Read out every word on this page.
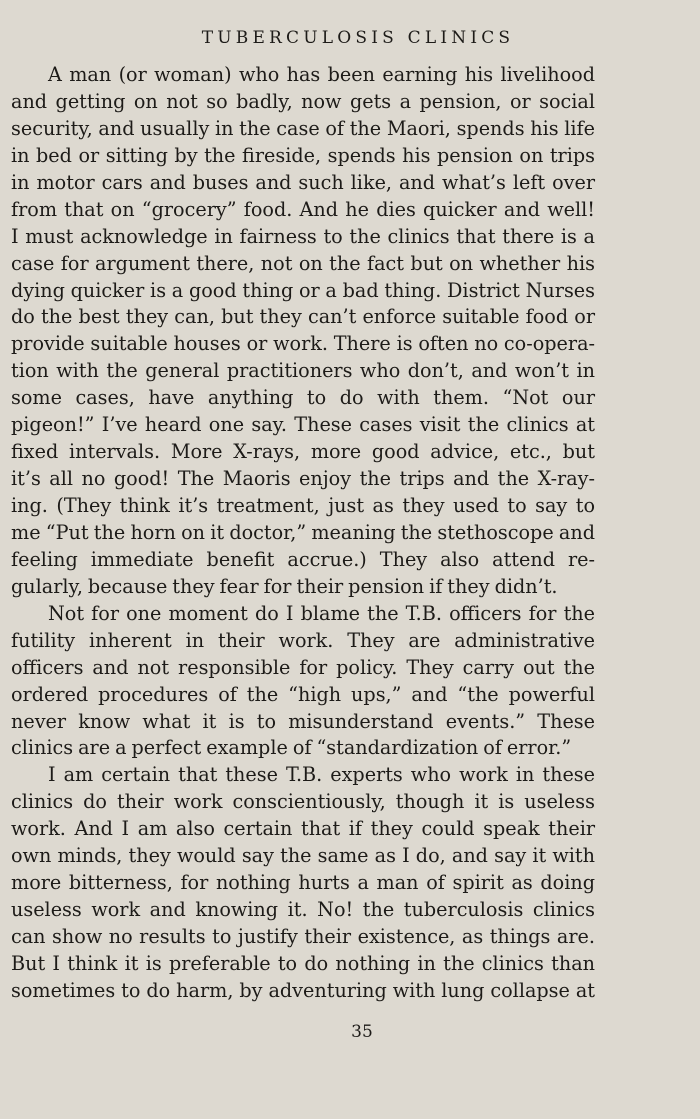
TUBERCULOSIS CLINICS
A man (or woman) who has been earning his livelihood
and getting on not so badly, now gets a pension, or social
security, and usually in the case of the Maori, spends his life
in bed or sitting by the fireside, spends his pension on trips
in motor cars and buses and such like, and what’s left over
from that on “grocery” food. And he dies quicker and well!
I must acknowledge in fairness to the clinics that there is a
case for argument there, not on the fact but on whether his
dying quicker is a good thing or a bad thing. District Nurses
do the best they can, but they can’t enforce suitable food or
provide suitable houses or work. There is often no co-opera-
tion with the general practitioners who don’t, and won’t in
some cases, have anything to do with them. “Not our
pigeon!” I’ve heard one say. These cases visit the clinics at
fixed intervals. More X-rays, more good advice, etc., but
it’s all no good! The Maoris enjoy the trips and the X-ray-
ing. (They think it’s treatment, just as they used to say to
me “Put the horn on it doctor,” meaning the stethoscope and
feeling immediate benefit accrue.) They also attend re-
gularly, because they fear for their pension if they didn’t.
Not for one moment do I blame the T.B. officers for the
futility inherent in their work. They are administrative
officers and not responsible for policy. They carry out the
ordered procedures of the “high ups,” and “the powerful
never know what it is to misunderstand events.” These
clinics are a perfect example of “standardization of error.”
I am certain that these T.B. experts who work in these
clinics do their work conscientiously, though it is useless
work. And I am also certain that if they could speak their
own minds, they would say the same as I do, and say it with
more bitterness, for nothing hurts a man of spirit as doing
useless work and knowing it. No! the tuberculosis clinics
can show no results to justify their existence, as things are.
But I think it is preferable to do nothing in the clinics than
sometimes to do harm, by adventuring with lung collapse at
35
